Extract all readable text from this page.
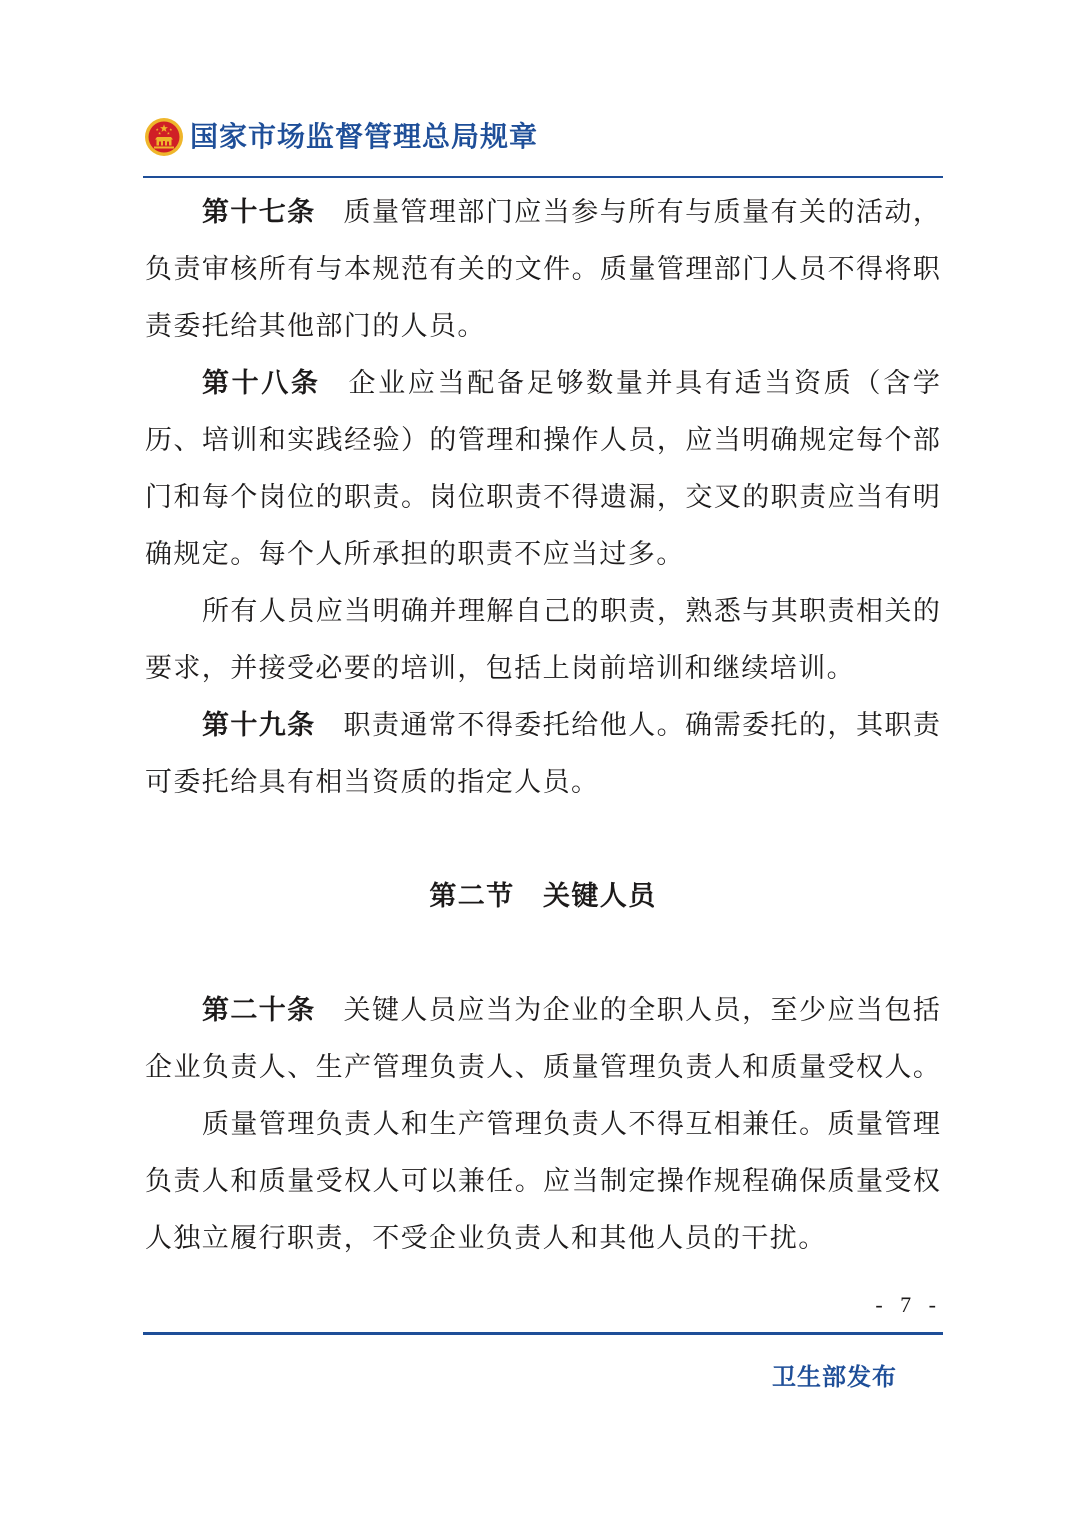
国家市场监督管理总局规章
第十七条 质量管理部门应当参与所有与质量有关的活动，
负责审核所有与本规范有关的文件。质量管理部门人员不得将职
责委托给其他部门的人员。
第十八条 企业应当配备足够数量并具有适当资质（含学
历、培训和实践经验）的管理和操作人员，应当明确规定每个部
门和每个岗位的职责。岗位职责不得遗漏，交叉的职责应当有明
确规定。每个人所承担的职责不应当过多。
所有人员应当明确并理解自己的职责，熟悉与其职责相关的
要求，并接受必要的培训，包括上岗前培训和继续培训。
第十九条 职责通常不得委托给他人。确需委托的，其职责
可委托给具有相当资质的指定人员。
第二节　关键人员
第二十条 关键人员应当为企业的全职人员，至少应当包括
企业负责人、生产管理负责人、质量管理负责人和质量受权人。
质量管理负责人和生产管理负责人不得互相兼任。质量管理
负责人和质量受权人可以兼任。应当制定操作规程确保质量受权
人独立履行职责，不受企业负责人和其他人员的干扰。
- 7 -
卫生部发布
